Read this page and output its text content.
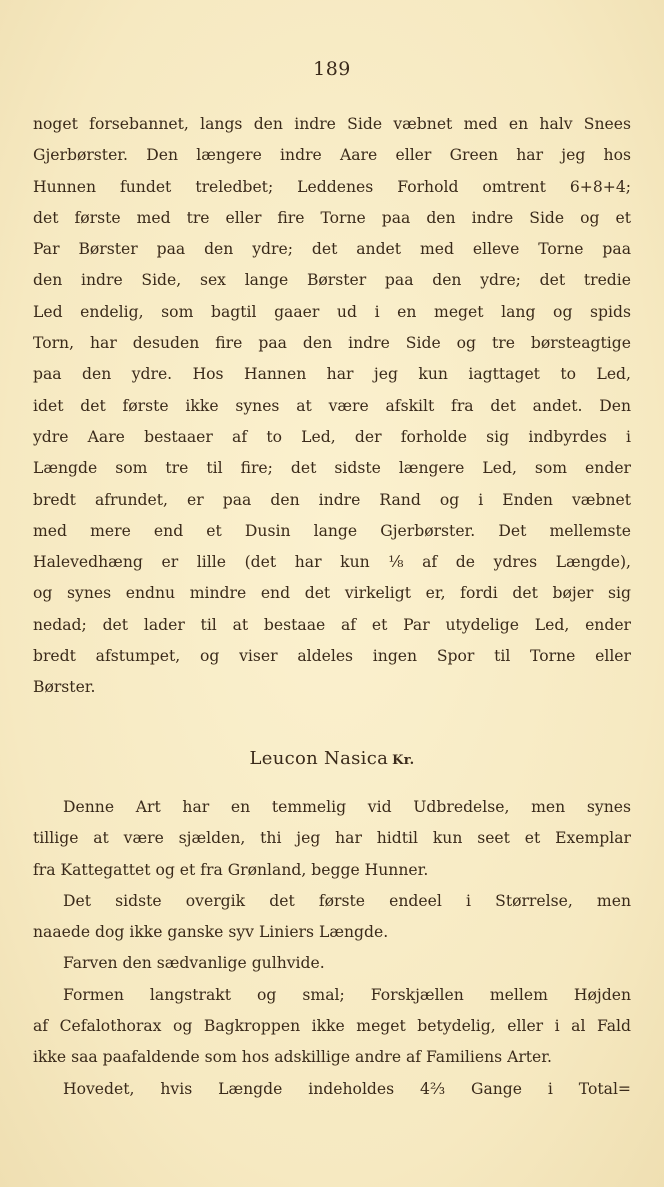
189
noget forsebannet, langs den indre Side væbnet med en halv Snees
Gjerbørster. Den længere indre Aare eller Green har jeg hos
Hunnen fundet treledbet; Leddenes Forhold omtrent 6+8+4;
det første med tre eller fire Torne paa den indre Side og et
Par Børster paa den ydre; det andet med elleve Torne paa
den indre Side, sex lange Børster paa den ydre; det tredie
Led endelig, som bagtil gaaer ud i en meget lang og spids
Torn, har desuden fire paa den indre Side og tre børsteagtige
paa den ydre. Hos Hannen har jeg kun iagttaget to Led,
idet det første ikke synes at være afskilt fra det andet. Den
ydre Aare bestaaer af to Led, der forholde sig indbyrdes i
Længde som tre til fire; det sidste længere Led, som ender
bredt afrundet, er paa den indre Rand og i Enden væbnet
med mere end et Dusin lange Gjerbørster. Det mellemste
Halevedhæng er lille (det har kun ⅛ af de ydres Længde),
og synes endnu mindre end det virkeligt er, fordi det bøjer sig
nedad; det lader til at bestaae af et Par utydelige Led, ender
bredt afstumpet, og viser aldeles ingen Spor til Torne eller
Børster.
Leucon Nasica Kr.
Denne Art har en temmelig vid Udbredelse, men synes
tillige at være sjælden, thi jeg har hidtil kun seet et Exemplar
fra Kattegattet og et fra Grønland, begge Hunner.
Det sidste overgik det første endeel i Størrelse, men
naaede dog ikke ganske syv Liniers Længde.
Farven den sædvanlige gulhvide.
Formen langstrakt og smal; Forskjællen mellem Højden
af Cefalothorax og Bagkroppen ikke meget betydelig, eller i al Fald
ikke saa paafaldende som hos adskillige andre af Familiens Arter.
Hovedet, hvis Længde indeholdes 4⅔ Gange i Total=
